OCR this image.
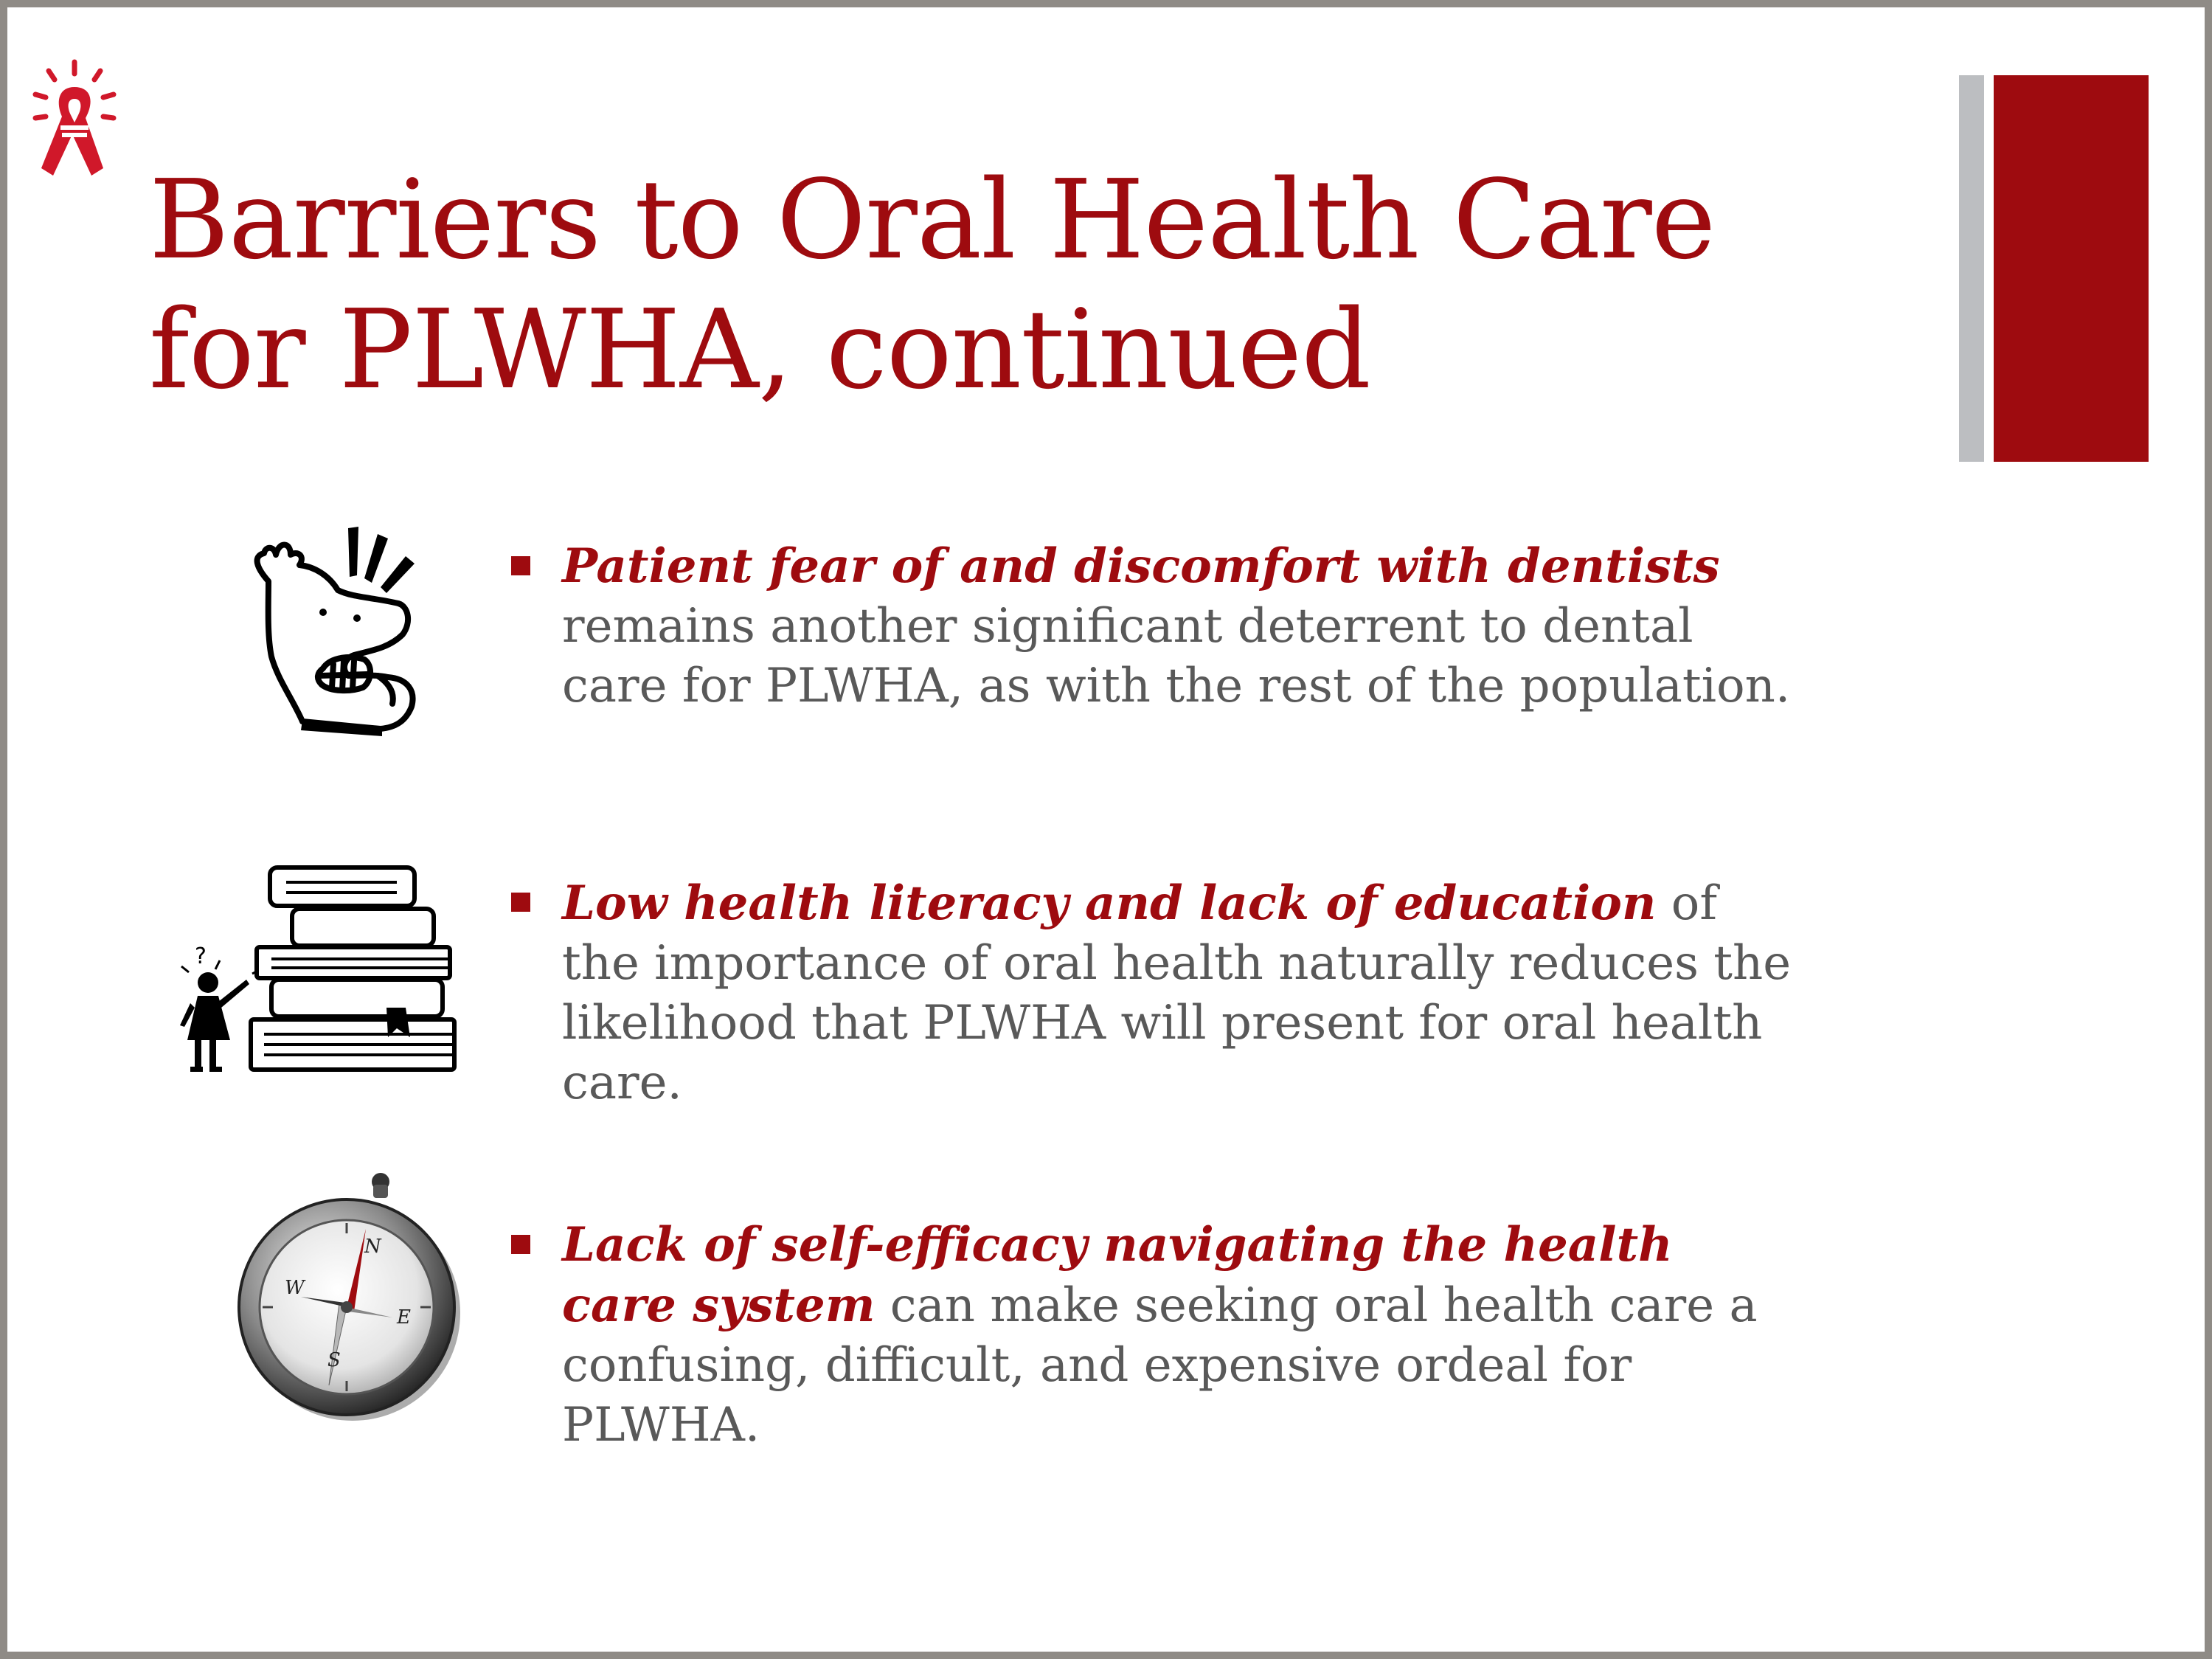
Barriers to Oral Health Care for PLWHA, continued

Patient fear of and discomfort with dentists remains another significant deterrent to dental care for PLWHA, as with the rest of the population.

?

Low health literacy and lack of education of the importance of oral health naturally reduces the likelihood that PLWHA will present for oral health care.

N
E
S
W

Lack of self-efficacy navigating the health care system can make seeking oral health care a confusing, difficult, and expensive ordeal for PLWHA.
